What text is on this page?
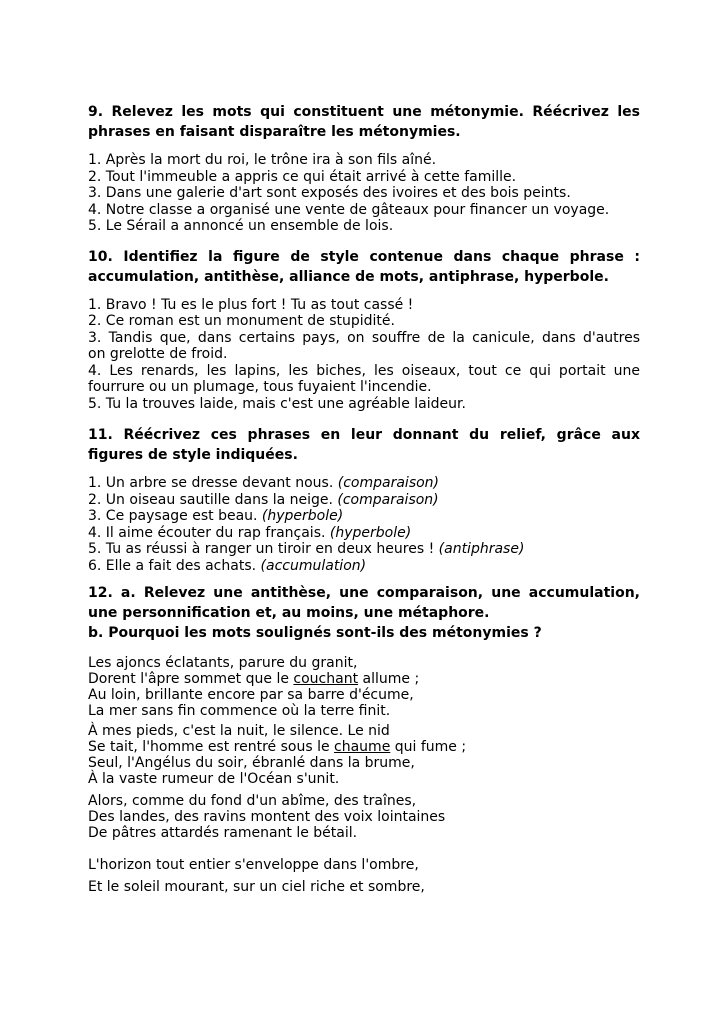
9. Relevez les mots qui constituent une métonymie. Réécrivez les
phrases en faisant disparaître les métonymies.

1. Après la mort du roi, le trône ira à son fils aîné.
2. Tout l'immeuble a appris ce qui était arrivé à cette famille.
3. Dans une galerie d'art sont exposés des ivoires et des bois peints.
4. Notre classe a organisé une vente de gâteaux pour financer un voyage.
5. Le Sérail a annoncé un ensemble de lois.

10. Identifiez la figure de style contenue dans chaque phrase :
accumulation, antithèse, alliance de mots, antiphrase, hyperbole.

1. Bravo ! Tu es le plus fort ! Tu as tout cassé !
2. Ce roman est un monument de stupidité.
3. Tandis que, dans certains pays, on souffre de la canicule, dans d'autres
on grelotte de froid.
4. Les renards, les lapins, les biches, les oiseaux, tout ce qui portait une
fourrure ou un plumage, tous fuyaient l'incendie.
5. Tu la trouves laide, mais c'est une agréable laideur.

11. Réécrivez ces phrases en leur donnant du relief, grâce aux
figures de style indiquées.

1. Un arbre se dresse devant nous. (comparaison)
2. Un oiseau sautille dans la neige. (comparaison)
3. Ce paysage est beau. (hyperbole)
4. Il aime écouter du rap français. (hyperbole)
5. Tu as réussi à ranger un tiroir en deux heures ! (antiphrase)
6. Elle a fait des achats. (accumulation)

12. a. Relevez une antithèse, une comparaison, une accumulation,
une personnification et, au moins, une métaphore.
b. Pourquoi les mots soulignés sont-ils des métonymies ?

Les ajoncs éclatants, parure du granit,
Dorent l'âpre sommet que le couchant allume ;
Au loin, brillante encore par sa barre d'écume,
La mer sans fin commence où la terre finit.
À mes pieds, c'est la nuit, le silence. Le nid
Se tait, l'homme est rentré sous le chaume qui fume ;
Seul, l'Angélus du soir, ébranlé dans la brume,
À la vaste rumeur de l'Océan s'unit.
Alors, comme du fond d'un abîme, des traînes,
Des landes, des ravins montent des voix lointaines
De pâtres attardés ramenant le bétail.
L'horizon tout entier s'enveloppe dans l'ombre,
Et le soleil mourant, sur un ciel riche et sombre,
